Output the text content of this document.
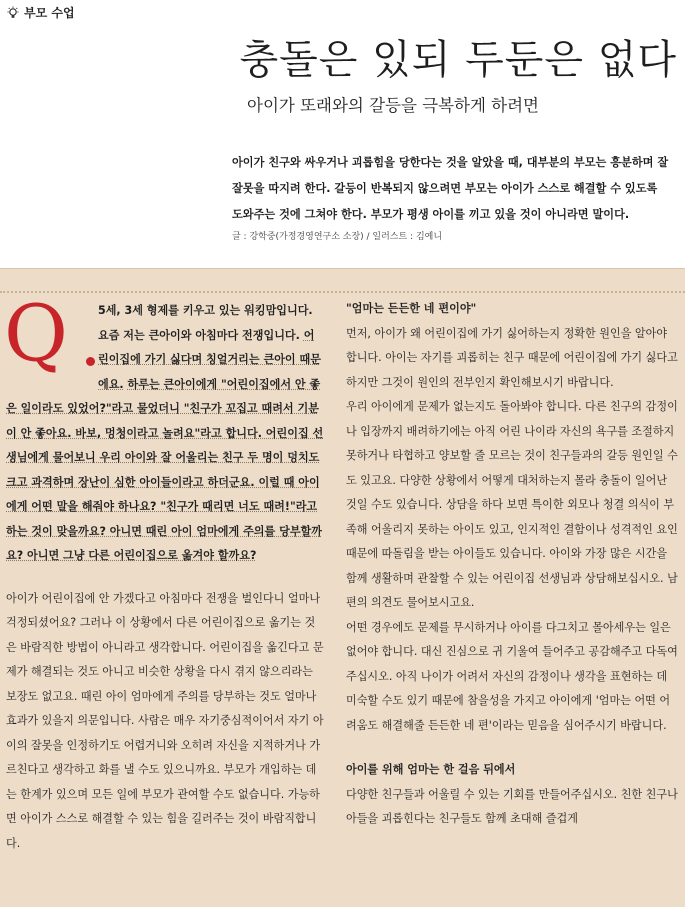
부모 수업
충돌은 있되 두둔은 없다
아이가 또래와의 갈등을 극복하게 하려면
아이가 친구와 싸우거나 괴롭힘을 당한다는 것을 알았을 때, 대부분의 부모는 흥분하며 잘잘못을 따지려 한다. 갈등이 반복되지 않으려면 부모는 아이가 스스로 해결할 수 있도록 도와주는 것에 그쳐야 한다. 부모가 평생 아이를 끼고 있을 것이 아니라면 말이다.
글 : 강학중(가정경영연구소 소장) / 일러스트 : 김예니
Q	5세, 3세 형제를 키우고 있는 워킹맘입니다. 요즘 저는 큰아이와 아침마다 전쟁입니다. 어린이집에 가기 싫다며 칭얼거리는 큰아이 때문에요. 하루는 큰아이에게 "어린이집에서 안 좋은 일이라도 있었어?"라고 물었더니 "친구가 꼬집고 때려서 기분이 안 좋아요. 바보, 멍청이라고 놀려요"라고 합니다. 어린이집 선생님에게 물어보니 우리 아이와 잘 어울리는 친구 두 명이 덩치도 크고 과격하며 장난이 심한 아이들이라고 하더군요. 이럴 때 아이에게 어떤 말을 해줘야 하나요? "친구가 때리면 너도 때려!"라고 하는 것이 맞을까요? 아니면 때린 아이 엄마에게 주의를 당부할까요? 아니면 그냥 다른 어린이집으로 옮겨야 할까요?

아이가 어린이집에 안 가겠다고 아침마다 전쟁을 벌인다니 얼마나 걱정되셨어요? 그러나 이 상황에서 다른 어린이집으로 옮기는 것은 바람직한 방법이 아니라고 생각합니다. 어린이집을 옮긴다고 문제가 해결되는 것도 아니고 비슷한 상황을 다시 겪지 않으리라는 보장도 없고요. 때린 아이 엄마에게 주의를 당부하는 것도 얼마나 효과가 있을지 의문입니다. 사람은 매우 자기중심적이어서 자기 아이의 잘못을 인정하기도 어렵거니와 오히려 자신을 지적하거나 가르친다고 생각하고 화를 낼 수도 있으니까요. 부모가 개입하는 데는 한계가 있으며 모든 일에 부모가 관여할 수도 없습니다. 가능하면 아이가 스스로 해결할 수 있는 힘을 길러주는 것이 바람직합니다.

"엄마는 든든한 네 편이야"

먼저, 아이가 왜 어린이집에 가기 싫어하는지 정확한 원인을 알아야 합니다. 아이는 자기를 괴롭히는 친구 때문에 어린이집에 가기 싫다고 하지만 그것이 원인의 전부인지 확인해보시기 바랍니다.

우리 아이에게 문제가 없는지도 돌아봐야 합니다. 다른 친구의 감정이나 입장까지 배려하기에는 아직 어린 나이라 자신의 욕구를 조절하지 못하거나 타협하고 양보할 줄 모르는 것이 친구들과의 갈등 원인일 수도 있고요. 다양한 상황에서 어떻게 대처하는지 몰라 충돌이 일어난 것일 수도 있습니다. 상담을 하다 보면 특이한 외모나 청결 의식이 부족해 어울리지 못하는 아이도 있고, 인지적인 결함이나 성격적인 요인 때문에 따돌림을 받는 아이들도 있습니다. 아이와 가장 많은 시간을 함께 생활하며 관찰할 수 있는 어린이집 선생님과 상담해보십시오. 남편의 의견도 물어보시고요.

어떤 경우에도 문제를 무시하거나 아이를 다그치고 몰아세우는 일은 없어야 합니다. 대신 진심으로 귀 기울여 들어주고 공감해주고 다독여주십시오. 아직 나이가 어려서 자신의 감정이나 생각을 표현하는 데 미숙할 수도 있기 때문에 참을성을 가지고 아이에게 '엄마는 어떤 어려움도 해결해줄 든든한 네 편'이라는 믿음을 심어주시기 바랍니다.

아이를 위해 엄마는 한 걸음 뒤에서

다양한 친구들과 어울릴 수 있는 기회를 만들어주십시오. 친한 친구나 아들을 괴롭힌다는 친구들도 함께 초대해 즐겁게
